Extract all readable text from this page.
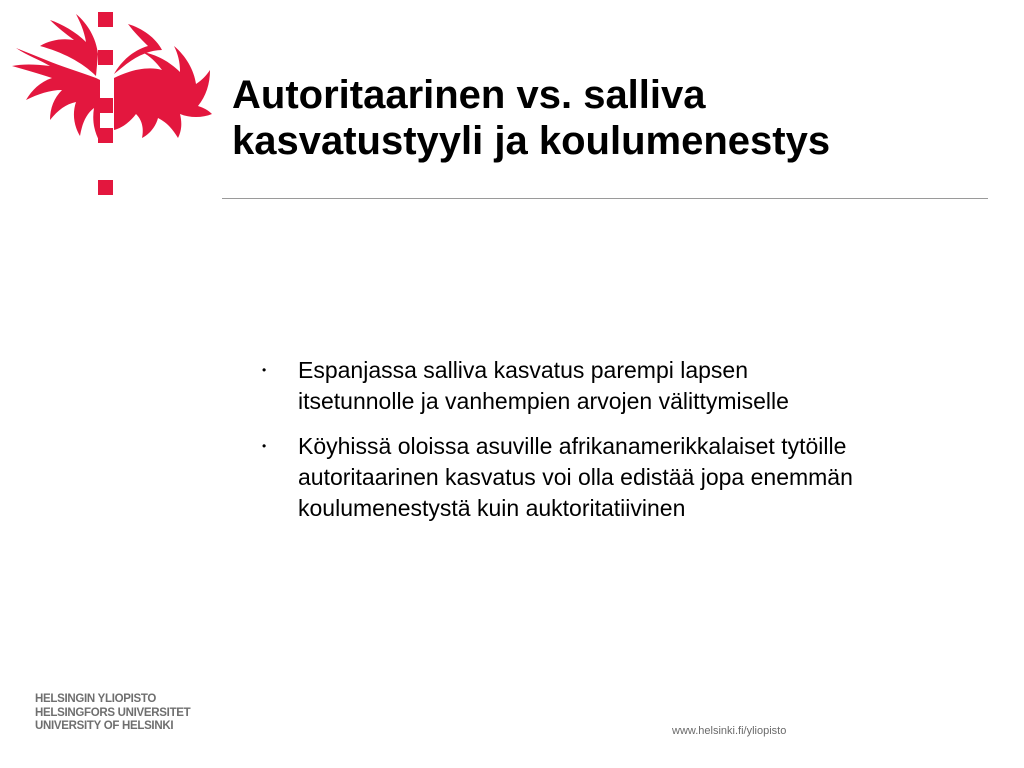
Autoritaarinen vs. salliva
kasvatustyyli ja koulumenestys
• Espanjassa salliva kasvatus parempi lapsen
itsetunnolle ja vanhempien arvojen välittymiselle
• Köyhissä oloissa asuville afrikanamerikkalaiset tytöille
autoritaarinen kasvatus voi olla edistää jopa enemmän
koulumenestystä kuin auktoritatiivinen
HELSINGIN YLIOPISTO
HELSINGFORS UNIVERSITET
UNIVERSITY OF HELSINKI	www.helsinki.fi/yliopisto
